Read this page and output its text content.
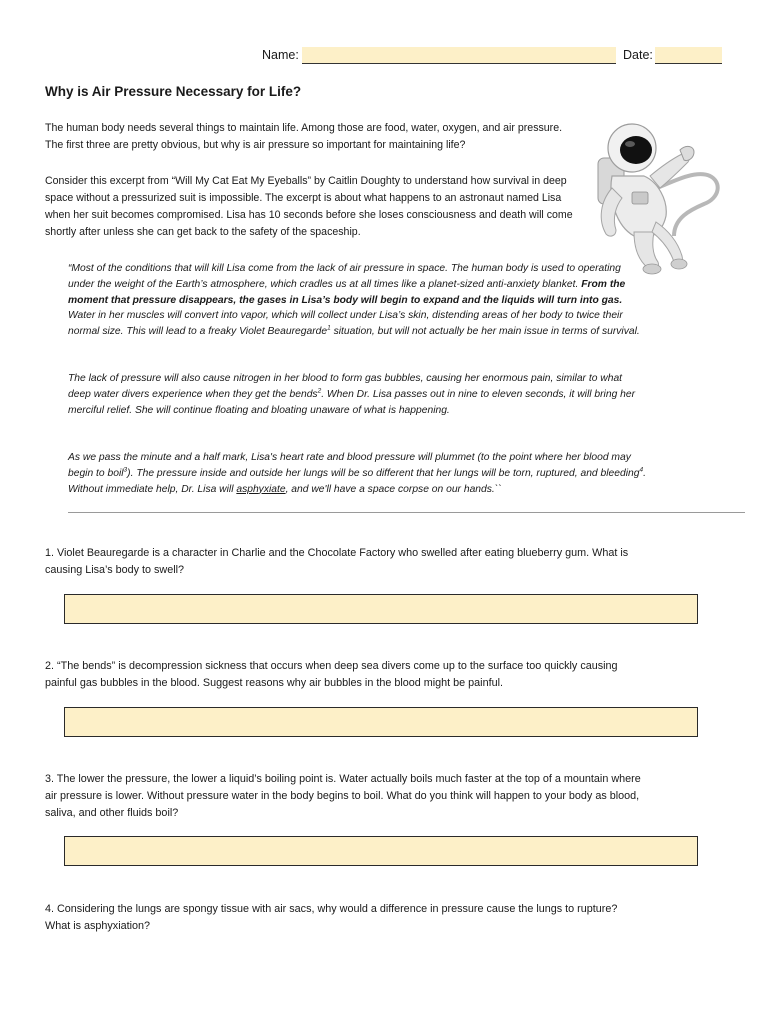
Name:	Date:
Why is Air Pressure Necessary for Life?

The human body needs several things to maintain life. Among those are food, water, oxygen, and air pressure. The first three are pretty obvious, but why is air pressure so important for maintaining life?

Consider this excerpt from “Will My Cat Eat My Eyeballs” by Caitlin Doughty to understand how survival in deep space without a pressurized suit is impossible. The excerpt is about what happens to an astronaut named Lisa when her suit becomes compromised. Lisa has 10 seconds before she loses consciousness and death will come shortly after unless she can get back to the safety of the spaceship.

“Most of the conditions that will kill Lisa come from the lack of air pressure in space. The human body is used to operating under the weight of the Earth’s atmosphere, which cradles us at all times like a planet-sized anti-anxiety blanket. From the moment that pressure disappears, the gases in Lisa’s body will begin to expand and the liquids will turn into gas. Water in her muscles will convert into vapor, which will collect under Lisa’s skin, distending areas of her body to twice their normal size. This will lead to a freaky Violet Beauregarde$^1$ situation, but will not actually be her main issue in terms of survival.

The lack of pressure will also cause nitrogen in her blood to form gas bubbles, causing her enormous pain, similar to what deep water divers experience when they get the bends$^2$. When Dr. Lisa passes out in nine to eleven seconds, it will bring her merciful relief. She will continue floating and bloating unaware of what is happening.

As we pass the minute and a half mark, Lisa's heart rate and blood pressure will plummet (to the point where her blood may begin to boil$^3$). The pressure inside and outside her lungs will be so different that her lungs will be torn, ruptured, and bleeding$^4$. Without immediate help, Dr. Lisa will asphyxiate, and we'll have a space corpse on our hands.``

1. Violet Beauregarde is a character in Charlie and the Chocolate Factory who swelled after eating blueberry gum. What is causing Lisa’s body to swell?

2. “The bends” is decompression sickness that occurs when deep sea divers come up to the surface too quickly causing painful gas bubbles in the blood. Suggest reasons why air bubbles in the blood might be painful.

3. The lower the pressure, the lower a liquid’s boiling point is. Water actually boils much faster at the top of a mountain where air pressure is lower. Without pressure water in the body begins to boil. What do you think will happen to your body as blood, saliva, and other fluids boil?

4. Considering the lungs are spongy tissue with air sacs, why would a difference in pressure cause the lungs to rupture? What is asphyxiation?
